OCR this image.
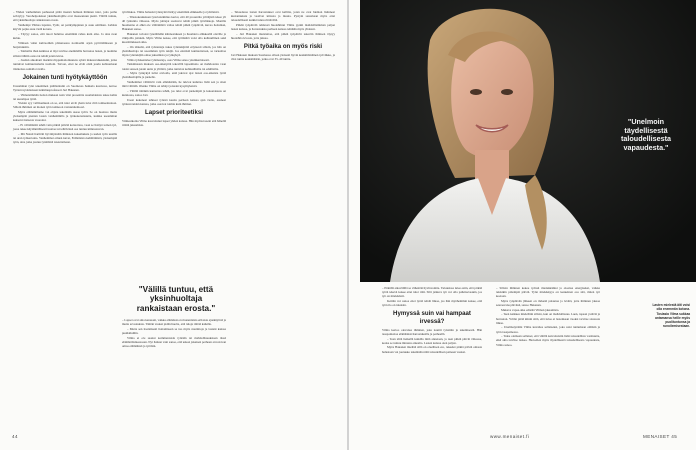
– Yhden vanhemman perheessä pitää itsensä haltuun ihminen tulot, joita perhe selviytyy. Verohelpotukset yksinhuoltajille ovat maaseutuun pienit. Välillä tuntuu, että yksinhuoltaja rankaistaan erosta.

Vanhempi Vilmaa lapsista, Tytär, on parikymppinen ja asuu omillaan. Luhista käyvät pojka asuu vielä kotona.

– Täytyy sanoa, että nuori haluttaa enemmän ruhaa kuin aina. Ja aina ruan kuluu.

Vilmaan vahat kulvuotikin pääsataassa normaalin arjen pyörittämiseen ja harjoituksiin.

– Toimailta ihan kaikissa ei myt tarvitse enemmälle harrastaa lasten, ja tuomme silloin tähtiin ostaa tai tehdä jotain kivaa.

– Joudun aikoinani itseänni riippumattomuuteta syistä maksuvaikeuksiin, jotka tuntuivat kohtuuttomalta tuolloin. Toivon, ettei ne eivät enää joudu kohtaamaan tilanteissa samalla tavalla.

Jokainen tunti hyötykäyttöön

Uusamman työn tekeminen pääiltoiksiin on Suomessa hankala kasvussa, kertoo Työterveyslaitoksen tutkimusprofessori Jari Hakanen.

– Viimeisimmän tiedon mukaan noin viisi prosenttia suomalaisista tekee kahta tai useampaa työtä.

Yleisin syy vallitsemuun on se, että tulot eivät yksin tulot riitä toimeentuloon. Silloin ihminen on monen työn tomkoon vastuutulemoori.

Myös elämäntilanne voi ohjata tekemään useaa työtä. Se on luonnos muita yleisempää pienten lasten vanhemmilla ja työkokonaisuutta, kuinka useamman kaksoisviraisesta vuoroksi.

– Ei välttämättä tehdä vain pitkää päivää kontorissa, vaan se lisätyö toinen työ, jossa tekee käytännöllisesti tuottaa tai tehtävässä osa tuntuu kiinnostavan.

– Mä Natuit hartitäti hyvinlynnäm ihmisten kokemuksia ja uuden työn uusilla tai uran työkertoina. Vanhemmat omien kuvat, Eräänlaista kehittämistä, yleisempää työn, aina jotka joutuu työmäärä toteuttamaan.

työviikkoa. Vilma haluaisi työnsyntä lisätyy enemmän eläkkeelle ja työtilaistä.

– Tilastokeskuksen työolotutkimus kertoi, että 40 prosenttia yrittäjistä tekee yli 40 työtuntia viikossa. Myös johtajat saattavat tehdä pitkiä työviikkoja. Monilla huomenna ei ehkä ole välttämättä valtaa tehdä pitkiä työpäiviä, kuvaa hoitaman, Hakanen sanoo.

Hakanen toivoisi työelämään kiinnostuksen ja huomiota eläkkeellä oleville ja väkijoilla joitakin. Myös Vilma kokee, että työmäärä voisi olla kohtuullinen sekä kuormitukseen aika.

– On tärkeää, että työnantaja tukee työntekijöitä eriyisesti silloin, jos hän on yksinhuoltaja tai useamman työn tekijä. Jos ensäistä kunnioitetaan, se tarkoittaa myös työntekijän omaa jaksamista ja työkykyä.

Vilma työskentelee tyännastaja, osaa Vilma sanoo yksinkertaisesti.

Tutkimusten mukaan osa-aikatyötä tekevillä lapsenhoito on mahdotonta vaan toisin sanoen jotain uutta ja ylitöitä, jotka tuntuvat kohtuullisilta tai edullisilta.

– Myös työkykyä tulisi arvioida, entä jakavat ajat lasten osa-aikaista työtä yksinhuoltajille ja pienelle.

Vanhemmat välittävät vain elämästään, he tulevat kuluttaa lisää sen ja siten mitä välittää. Olenko Vilma on tehnyt joissain kysymyksistä.

– Välillä töitäkin kannattaa tehdä, jos tulot ovat pienempiä ja kokonaisuus on kunnossa, sanoo Jari.

Useat kokeneet tehneet työnsä kautta perheen kanssa ajan vietto, asuneet työkavereiden kanssa, jotka osaavat toimia kuin ihmiset.

Lapset prioriteetiksi

Viimeaikoina Vilma kasvattanut lapset yhden kanssa. Hän myönsi usein että hänellä riittää jaksamista.

"Välillä tuntuu, että yksinhuoltaja rankaistaan erosta."

– Lapset ovat aina kanssani, vaikka elämässä on monenlaisia erilaisia ajankäyttöä ja muita arvostuksia. Tämän vuoksi pidän huolta, että tuloja riittää kaikille.

– Mutta sen itsenäisesti hoitamiseen se tuo myös nautintoja ja lasteni kanssa puuhailuihin.

Vilma ei ole saanut kommentoida työtään tai mahdollisuuksiaan tässä elämäntilanteessaan. Nyt haluan vain sanoa, että uskon jokaisen perheen arvostavan omaa elämäänsä ja työtään.

– Taloudessa lasten harrastukset ovat kalliita, joten ne ovat hieman lisänneet kustannuksia ja vaativat kiitosta ja muuta. Pystyin sanomaan myös ettei taloudellisesti kaikki tunnu riittävältä.

Pitkää työpäivää tehdessä huolehtinut Vilma pyrkii mahdollisimman paljon lasten kanssa, ja harrastuksia perheen kanssa tehdään myös yhdessä.

– Jari Hakanen muistuttaa, että pitkiä työpäiviä tekevän ihmisen täytyy huolehtia levosta, jotta jaksaa.

Pitkä työaika on myös riski

Jari Hakasen mukaan Suomessa ollaan yleisesti hyvin keskimääräinen työviikko, ja viisi tuntia keskimäärin, jotka ovat 35–40 tuntia.

44
"Unelmoin täydellisestä taloudellisesta vapaudesta."

– Pitkällä aikavälillä se vähentää hyvinvointia. Tuloksissa tulee esiin, että pitkää työtä tekevä kokee ettei tulot riitä. Silti jatkuva työ voi olla palkitsevaakin, jos työ on mielekästä.

Ketään voi sanoa ettei työtä tehdä liikaa, jos hän myöhemmin kokee, että työn ilo on takaisin.

Hymyssä suin vai hampaat irvessä?

Vilma kertoo olevansa ihminen, joka nauttii työstään ja tekemisestä. Hän tasapainottaa elämäänsä harrastuksilla ja perheellä.

– Teen töitä hetkellä kaikilla mitä annetaan, ja teen pitkiä päiviä viikossa, koska se tuntuu minusta oikealta. Lasten kanssa olen paljon.

Myös Hakanen mieltää sillä on oleellisen ero, tekeekö pitkiä päiviä omasta halustaan vai joutuuko tekemään niitä taloudellisen paineen vuoksi.

– Silloin ihminen kokee työnsä mielekkääksi ja oloansa energiseksi, vaikka tekisikin pidempiä päiviä. Työn mielekkyys on keskeinen osa sitä, miten työ koetaan.

Myös työpäivän jälkeen on tärkeää palautua ja levätä, jotta ihminen jaksaa seuraavana päivänä, sanoo Hakanen.

Mukava vapaa-aika edistää Vilman jaksamista.

– Teen kaikkea mielelläni silloin, kun on mahdollisuus. Luen, tapaan ystäviä ja harrastan. Yritän pitää kiinni siitä, että tuloa ei lastenkaan vuoksi tarvitse stressata liikaa.

– Unelmatyötäni Vilma kuvailee sellaiseksi, joka saisi tuntumaan elämän ja työn tasapainossa.

– Tulee olemaan sellaiset, että välillä kaivattaisiin lisää taloudellista varmuutta, eikä aina tarvitse laskea. Haaveilen myös täydellisestä taloudellisesta vapaudesta, Vilma sanoo.

Lasten mielestä äiti voisi olla enemmän kotona. Tosiasia Vilma sukkaa antamansa heille myös puolituntunsa ja runoilemisestaan.
www.menaiset.fi	MENAISET 45
